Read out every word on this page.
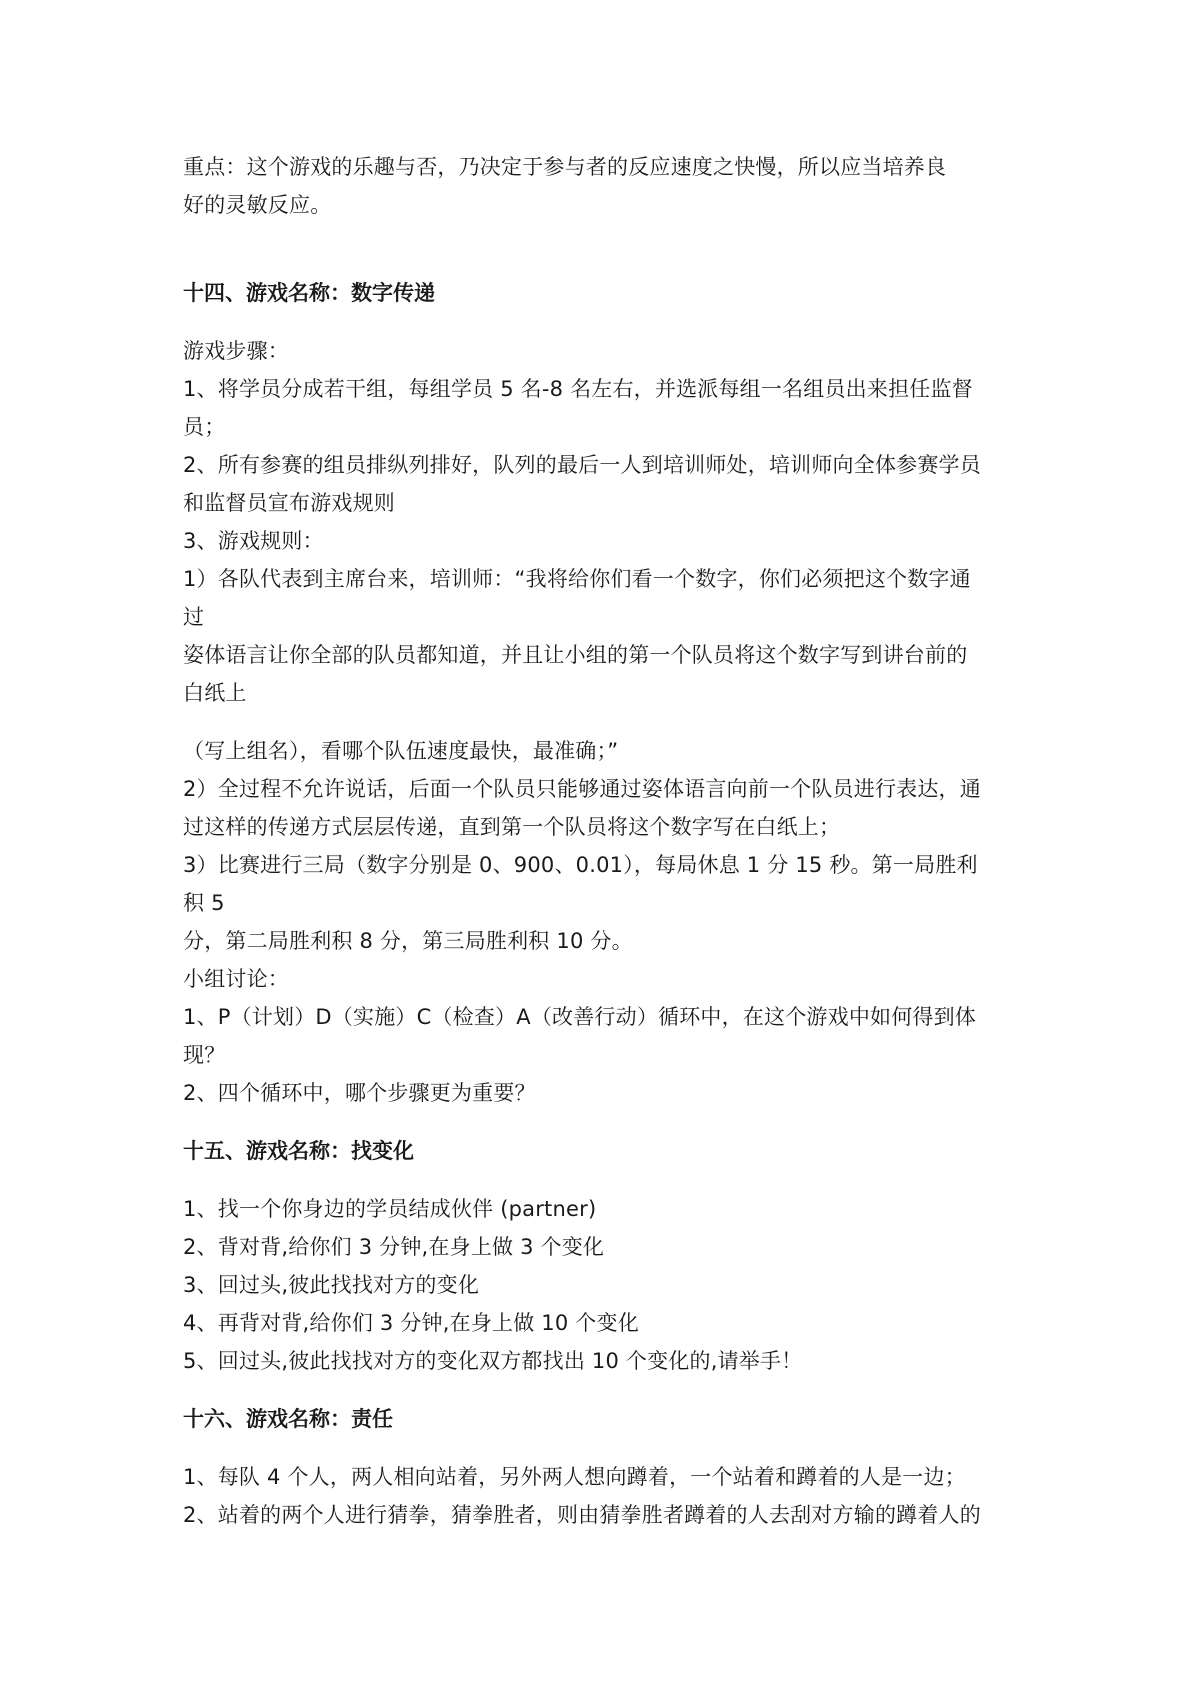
重点：这个游戏的乐趣与否，乃决定于参与者的反应速度之快慢，所以应当培养良
好的灵敏反应。
十四、游戏名称：数字传递
游戏步骤：
1、将学员分成若干组，每组学员 5 名-8 名左右，并选派每组一名组员出来担任监督
员；
2、所有参赛的组员排纵列排好，队列的最后一人到培训师处，培训师向全体参赛学员
和监督员宣布游戏规则
3、游戏规则：
1）各队代表到主席台来，培训师：“我将给你们看一个数字，你们必须把这个数字通
过
姿体语言让你全部的队员都知道，并且让小组的第一个队员将这个数字写到讲台前的
白纸上
（写上组名），看哪个队伍速度最快，最准确；”
2）全过程不允许说话，后面一个队员只能够通过姿体语言向前一个队员进行表达，通
过这样的传递方式层层传递，直到第一个队员将这个数字写在白纸上；
3）比赛进行三局（数字分别是 0、900、0.01），每局休息 1 分 15 秒。第一局胜利
积 5
分，第二局胜利积 8 分，第三局胜利积 10 分。
小组讨论：
1、P（计划）D（实施）C（检查）A（改善行动）循环中，在这个游戏中如何得到体
现？
2、四个循环中，哪个步骤更为重要？
十五、游戏名称：找变化
1、找一个你身边的学员结成伙伴 (partner)
2、背对背,给你们 3 分钟,在身上做 3 个变化
3、回过头,彼此找找对方的变化
4、再背对背,给你们 3 分钟,在身上做 10 个变化
5、回过头,彼此找找对方的变化双方都找出 10 个变化的,请举手！
十六、游戏名称：责任
1、每队 4 个人，两人相向站着，另外两人想向蹲着，一个站着和蹲着的人是一边；
2、站着的两个人进行猜拳，猜拳胜者，则由猜拳胜者蹲着的人去刮对方输的蹲着人的
